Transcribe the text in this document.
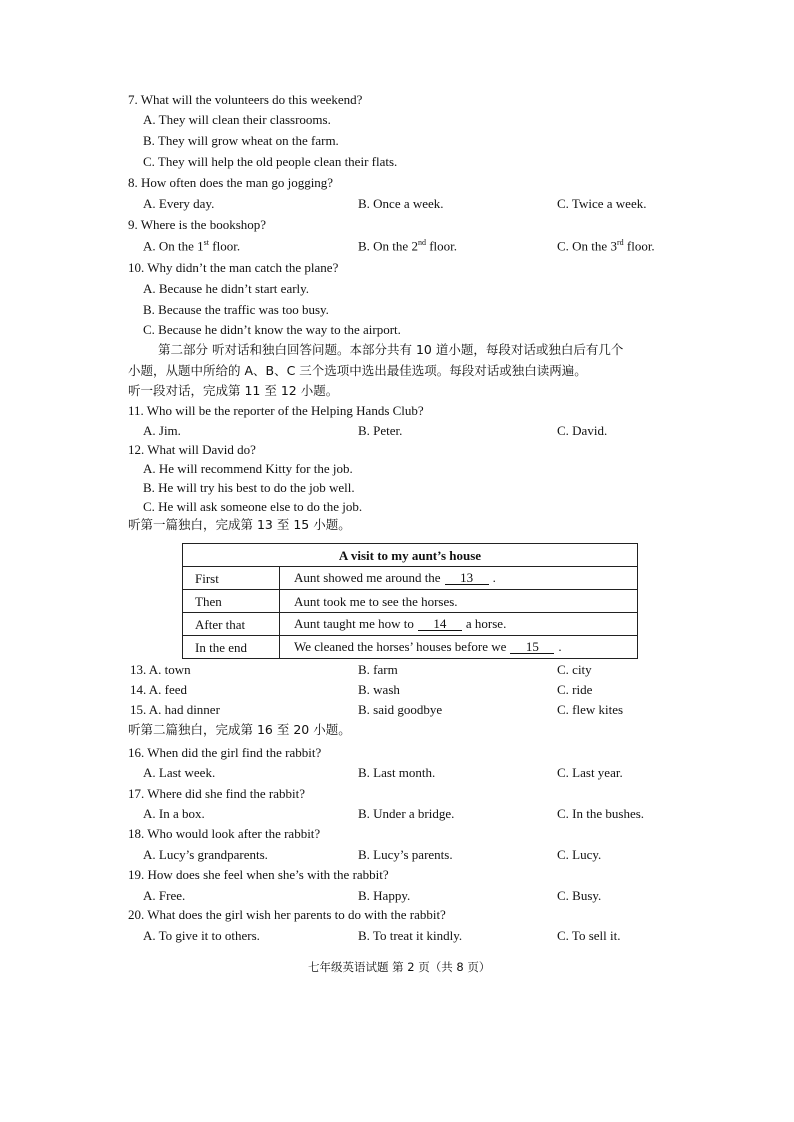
7. What will the volunteers do this weekend?
A. They will clean their classrooms.
B. They will grow wheat on the farm.
C. They will help the old people clean their flats.
8. How often does the man go jogging?
A. Every day.	B. Once a week.	C. Twice a week.
9. Where is the bookshop?
A. On the 1st floor.	B. On the 2nd floor.	C. On the 3rd floor.
10. Why didn’t the man catch the plane?
A. Because he didn’t start early.
B. Because the traffic was too busy.
C. Because he didn’t know the way to the airport.
第二部分 听对话和独白回答问题。本部分共有 10 道小题，每段对话或独白后有几个
小题，从题中所给的 A、B、C 三个选项中选出最佳选项。每段对话或独白读两遍。
听一段对话，完成第 11 至 12 小题。
11. Who will be the reporter of the Helping Hands Club?
A. Jim.	B. Peter.	C. David.
12. What will David do?
A. He will recommend Kitty for the job.
B. He will try his best to do the job well.
C. He will ask someone else to do the job.
听第一篇独白，完成第 13 至 15 小题。
A visit to my aunt’s house	
First	Aunt showed me around the 13 .
Then	Aunt took me to see the horses.
After that	Aunt taught me how to 14 a horse.
In the end	We cleaned the horses’ houses before we 15 .
13. A. town	B. farm	C. city
14. A. feed	B. wash	C. ride
15. A. had dinner	B. said goodbye	C. flew kites
听第二篇独白，完成第 16 至 20 小题。
16. When did the girl find the rabbit?
A. Last week.	B. Last month.	C. Last year.
17. Where did she find the rabbit?
A. In a box.	B. Under a bridge.	C. In the bushes.
18. Who would look after the rabbit?
A. Lucy’s grandparents.	B. Lucy’s parents.	C. Lucy.
19. How does she feel when she’s with the rabbit?
A. Free.	B. Happy.	C. Busy.
20. What does the girl wish her parents to do with the rabbit?
A. To give it to others.	B. To treat it kindly.	C. To sell it.
七年级英语试题 第 2 页（共 8 页）
